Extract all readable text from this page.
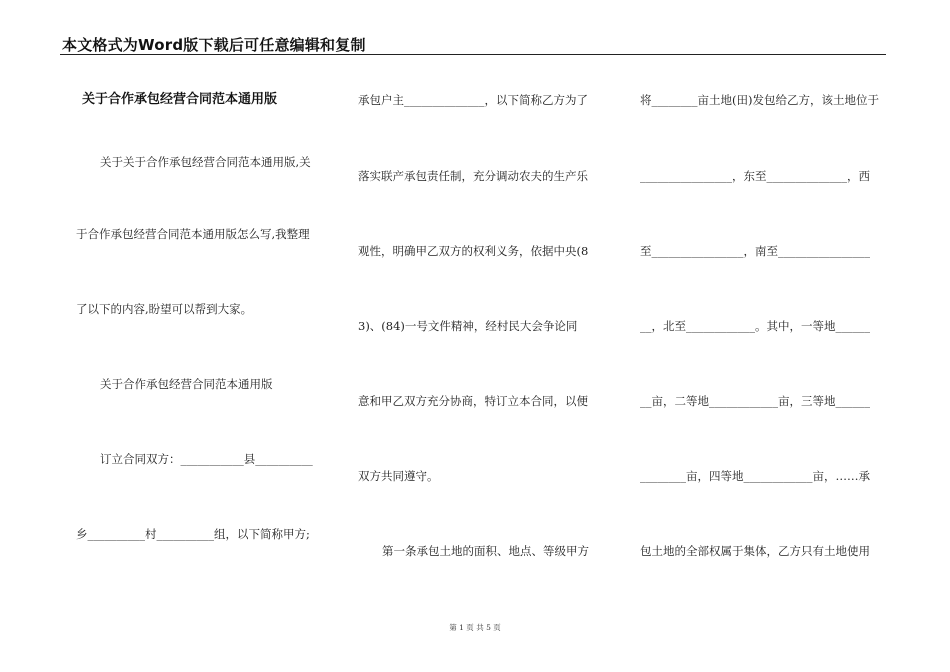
本文格式为Word版下载后可任意编辑和复制
关于合作承包经营合同范本通用版
关于关于合作承包经营合同范本通用版,关
于合作承包经营合同范本通用版怎么写,我整理
了以下的内容,盼望可以帮到大家。
关于合作承包经营合同范本通用版
订立合同双方：___________县__________
乡__________村__________组，以下简称甲方;
承包户主______________，以下简称乙方为了
落实联产承包责任制，充分调动农夫的生产乐
观性，明确甲乙双方的权利义务，依据中央(8
3)、(84)一号文件精神，经村民大会争论同
意和甲乙双方充分协商，特订立本合同，以便
双方共同遵守。
第一条承包土地的面积、地点、等级甲方
将________亩土地(田)发包给乙方，该土地位于
________________，东至______________，西
至________________，南至________________
__，北至____________。其中，一等地______
__亩，二等地____________亩，三等地______
________亩，四等地____________亩，……承
包土地的全部权属于集体，乙方只有土地使用
第 1 页 共 5 页
